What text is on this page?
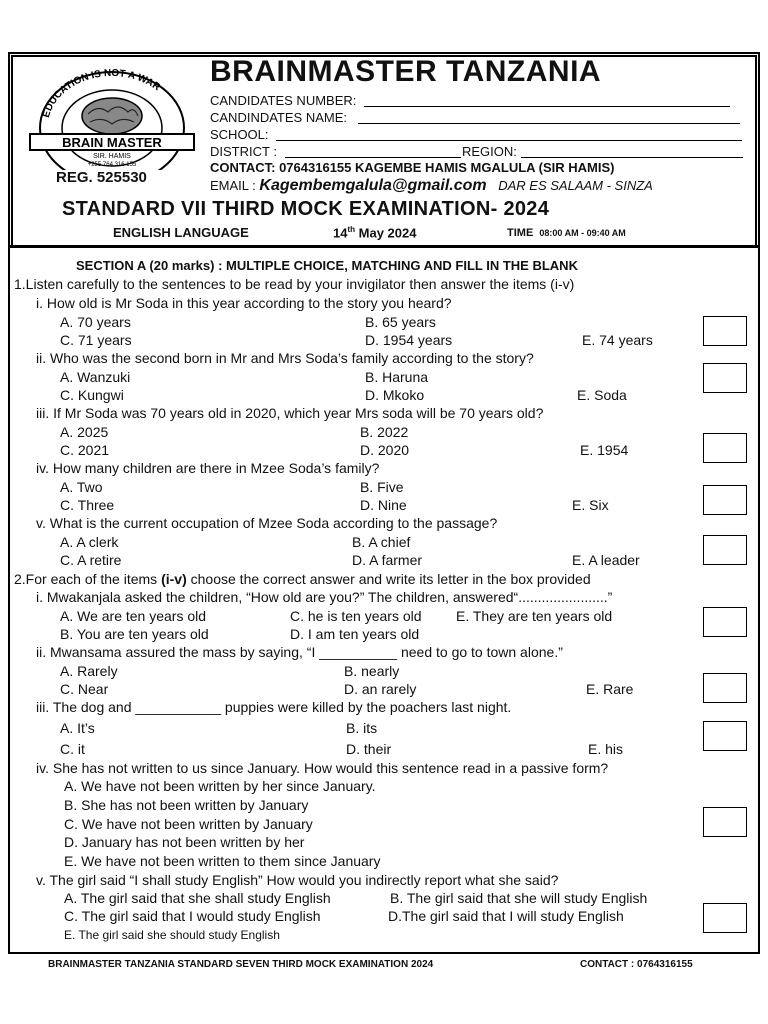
EDUCATION IS NOT A WAR
BRAIN MASTER
SIR. HAMIS
+255 764 316 155
REG. 525530
BRAINMASTER TANZANIA
CANDIDATES NUMBER:
CANDINDATES NAME:
SCHOOL:
DISTRICT :	REGION:
CONTACT: 0764316155 KAGEMBE HAMIS MGALULA (SIR HAMIS)
EMAIL : Kagembemgalula@gmail.com DAR ES SALAAM - SINZA
STANDARD VII THIRD MOCK EXAMINATION- 2024
ENGLISH LANGUAGE	14th May 2024	TIME 08:00 AM - 09:40 AM
SECTION A (20 marks) : MULTIPLE CHOICE, MATCHING AND FILL IN THE BLANK
1.Listen carefully to the sentences to be read by your invigilator then answer the items (i-v)
i. How old is Mr Soda in this year according to the story you heard?
A. 70 years	B. 65 years
C. 71 years	D. 1954 years	E. 74 years
ii. Who was the second born in Mr and Mrs Soda’s family according to the story?
A. Wanzuki	B. Haruna
C. Kungwi	D. Mkoko	E. Soda
iii. If Mr Soda was 70 years old in 2020, which year Mrs soda will be 70 years old?
A. 2025	B. 2022
C. 2021	D. 2020	E. 1954
iv. How many children are there in Mzee Soda’s family?
A. Two	B. Five
C. Three	D. Nine	E. Six
v. What is the current occupation of Mzee Soda according to the passage?
A. A clerk	B. A chief
C. A retire	D. A farmer	E. A leader
2.For each of the items (i-v) choose the correct answer and write its letter in the box provided
i. Mwakanjala asked the children, “How old are you?” The children, answered“.......................”
A. We are ten years old	C. he is ten years old E. They are ten years old
B. You are ten years old	D. I am ten years old
ii. Mwansama assured the mass by saying, “I __________ need to go to town alone.”
A. Rarely	B. nearly
C. Near	D. an rarely	E. Rare
iii. The dog and ___________ puppies were killed by the poachers last night.
A. It’s	B. its
C. it	D. their	E. his
iv. She has not written to us since January. How would this sentence read in a passive form?
A. We have not been written by her since January.
B. She has not been written by January
C. We have not been written by January
D. January has not been written by her
E. We have not been written to them since January
v. The girl said “I shall study English” How would you indirectly report what she said?
A. The girl said that she shall study English	B. The girl said that she will study English
C. The girl said that I would study English	D.The girl said that I will study English
E. The girl said she should study English
BRAINMASTER TANZANIA STANDARD SEVEN THIRD MOCK EXAMINATION 2024	CONTACT : 0764316155
